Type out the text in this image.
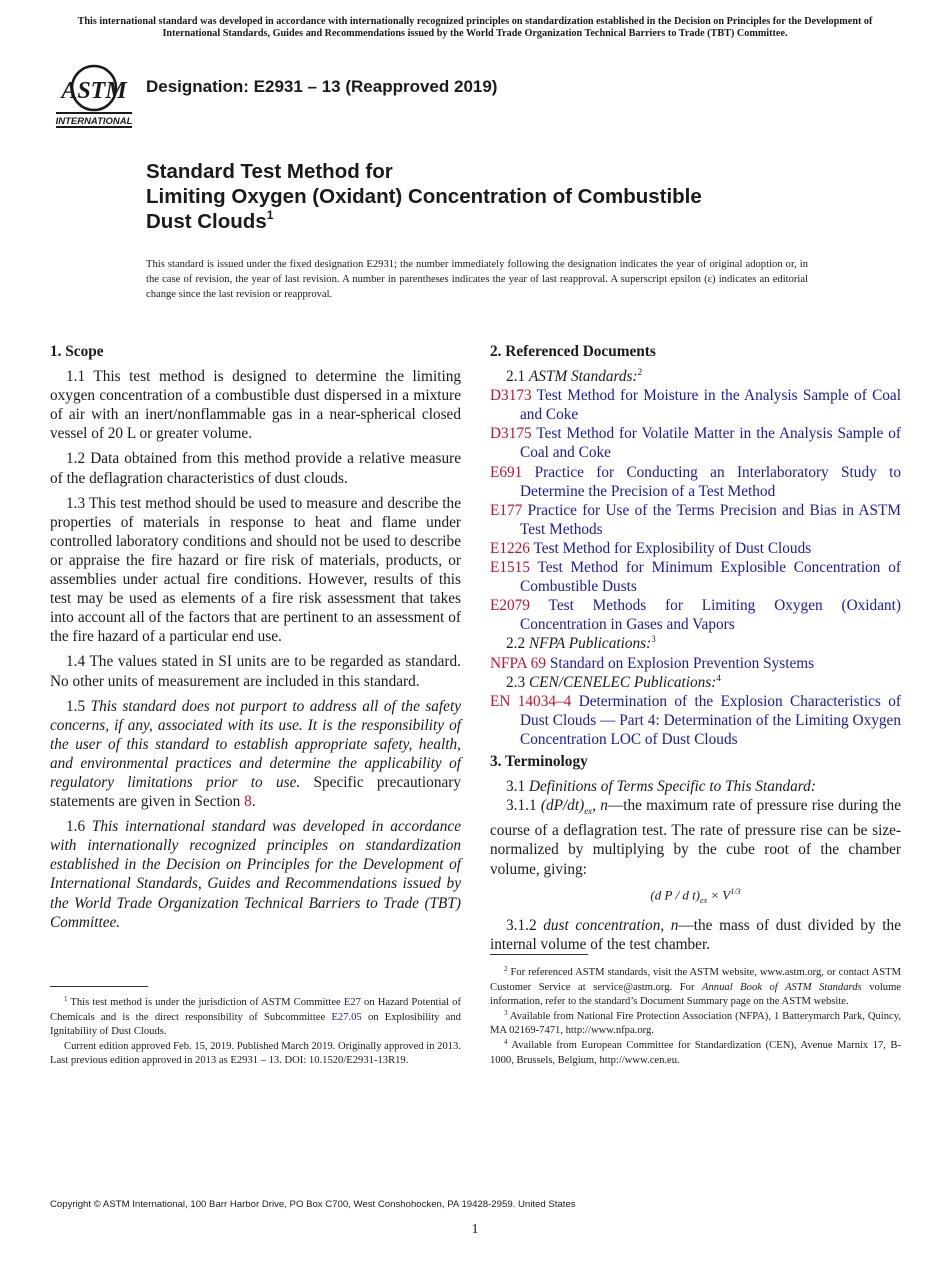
This international standard was developed in accordance with internationally recognized principles on standardization established in the Decision on Principles for the Development of International Standards, Guides and Recommendations issued by the World Trade Organization Technical Barriers to Trade (TBT) Committee.
ASTM
INTERNATIONAL
Designation: E2931 – 13 (Reapproved 2019)
Standard Test Method for
Limiting Oxygen (Oxidant) Concentration of Combustible
Dust Clouds$^1$
This standard is issued under the fixed designation E2931; the number immediately following the designation indicates the year of original adoption or, in the case of revision, the year of last revision. A number in parentheses indicates the year of last reapproval. A superscript epsilon (ε) indicates an editorial change since the last revision or reapproval.
1. Scope

1.1 This test method is designed to determine the limiting oxygen concentration of a combustible dust dispersed in a mixture of air with an inert/nonflammable gas in a near-spherical closed vessel of 20 L or greater volume.

1.2 Data obtained from this method provide a relative measure of the deflagration characteristics of dust clouds.

1.3 This test method should be used to measure and describe the properties of materials in response to heat and flame under controlled laboratory conditions and should not be used to describe or appraise the fire hazard or fire risk of materials, products, or assemblies under actual fire conditions. However, results of this test may be used as elements of a fire risk assessment that takes into account all of the factors that are pertinent to an assessment of the fire hazard of a particular end use.

1.4 The values stated in SI units are to be regarded as standard. No other units of measurement are included in this standard.

1.5 This standard does not purport to address all of the safety concerns, if any, associated with its use. It is the responsibility of the user of this standard to establish appropriate safety, health, and environmental practices and determine the applicability of regulatory limitations prior to use. Specific precautionary statements are given in Section 8.

1.6 This international standard was developed in accordance with internationally recognized principles on standardization established in the Decision on Principles for the Development of International Standards, Guides and Recommendations issued by the World Trade Organization Technical Barriers to Trade (TBT) Committee.

2. Referenced Documents

2.1 ASTM Standards:$^2$

D3173 Test Method for Moisture in the Analysis Sample of Coal and Coke

D3175 Test Method for Volatile Matter in the Analysis Sample of Coal and Coke

E691 Practice for Conducting an Interlaboratory Study to Determine the Precision of a Test Method

E177 Practice for Use of the Terms Precision and Bias in ASTM Test Methods

E1226 Test Method for Explosibility of Dust Clouds

E1515 Test Method for Minimum Explosible Concentration of Combustible Dusts

E2079 Test Methods for Limiting Oxygen (Oxidant) Concentration in Gases and Vapors

2.2 NFPA Publications:$^3$

NFPA 69 Standard on Explosion Prevention Systems

2.3 CEN/CENELEC Publications:$^4$

EN 14034–4 Determination of the Explosion Characteristics of Dust Clouds — Part 4: Determination of the Limiting Oxygen Concentration LOC of Dust Clouds

3. Terminology

3.1 Definitions of Terms Specific to This Standard:

3.1.1 $(dP/dt)_{ex}$, n—the maximum rate of pressure rise during the course of a deflagration test. The rate of pressure rise can be size-normalized by multiplying by the cube root of the chamber volume, giving:

(d P / d $t)_{ex} \times V^{1/3}$

3.1.2 dust concentration, n—the mass of dust divided by the internal volume of the test chamber.

$^1$ This test method is under the jurisdiction of ASTM Committee E27 on Hazard Potential of Chemicals and is the direct responsibility of Subcommittee E27.05 on Explosibility and Ignitability of Dust Clouds.

Current edition approved Feb. 15, 2019. Published March 2019. Originally approved in 2013. Last previous edition approved in 2013 as E2931 – 13. DOI: 10.1520/E2931-13R19.

$^2$ For referenced ASTM standards, visit the ASTM website, www.astm.org, or contact ASTM Customer Service at service@astm.org. For Annual Book of ASTM Standards volume information, refer to the standard’s Document Summary page on the ASTM website.

$^3$ Available from National Fire Protection Association (NFPA), 1 Batterymarch Park, Quincy, MA 02169-7471, http://www.nfpa.org.

$^4$ Available from European Committee for Standardization (CEN), Avenue Marnix 17, B-1000, Brussels, Belgium, http://www.cen.eu.

Copyright © ASTM International, 100 Barr Harbor Drive, PO Box C700, West Conshohocken, PA 19428-2959. United States
1
